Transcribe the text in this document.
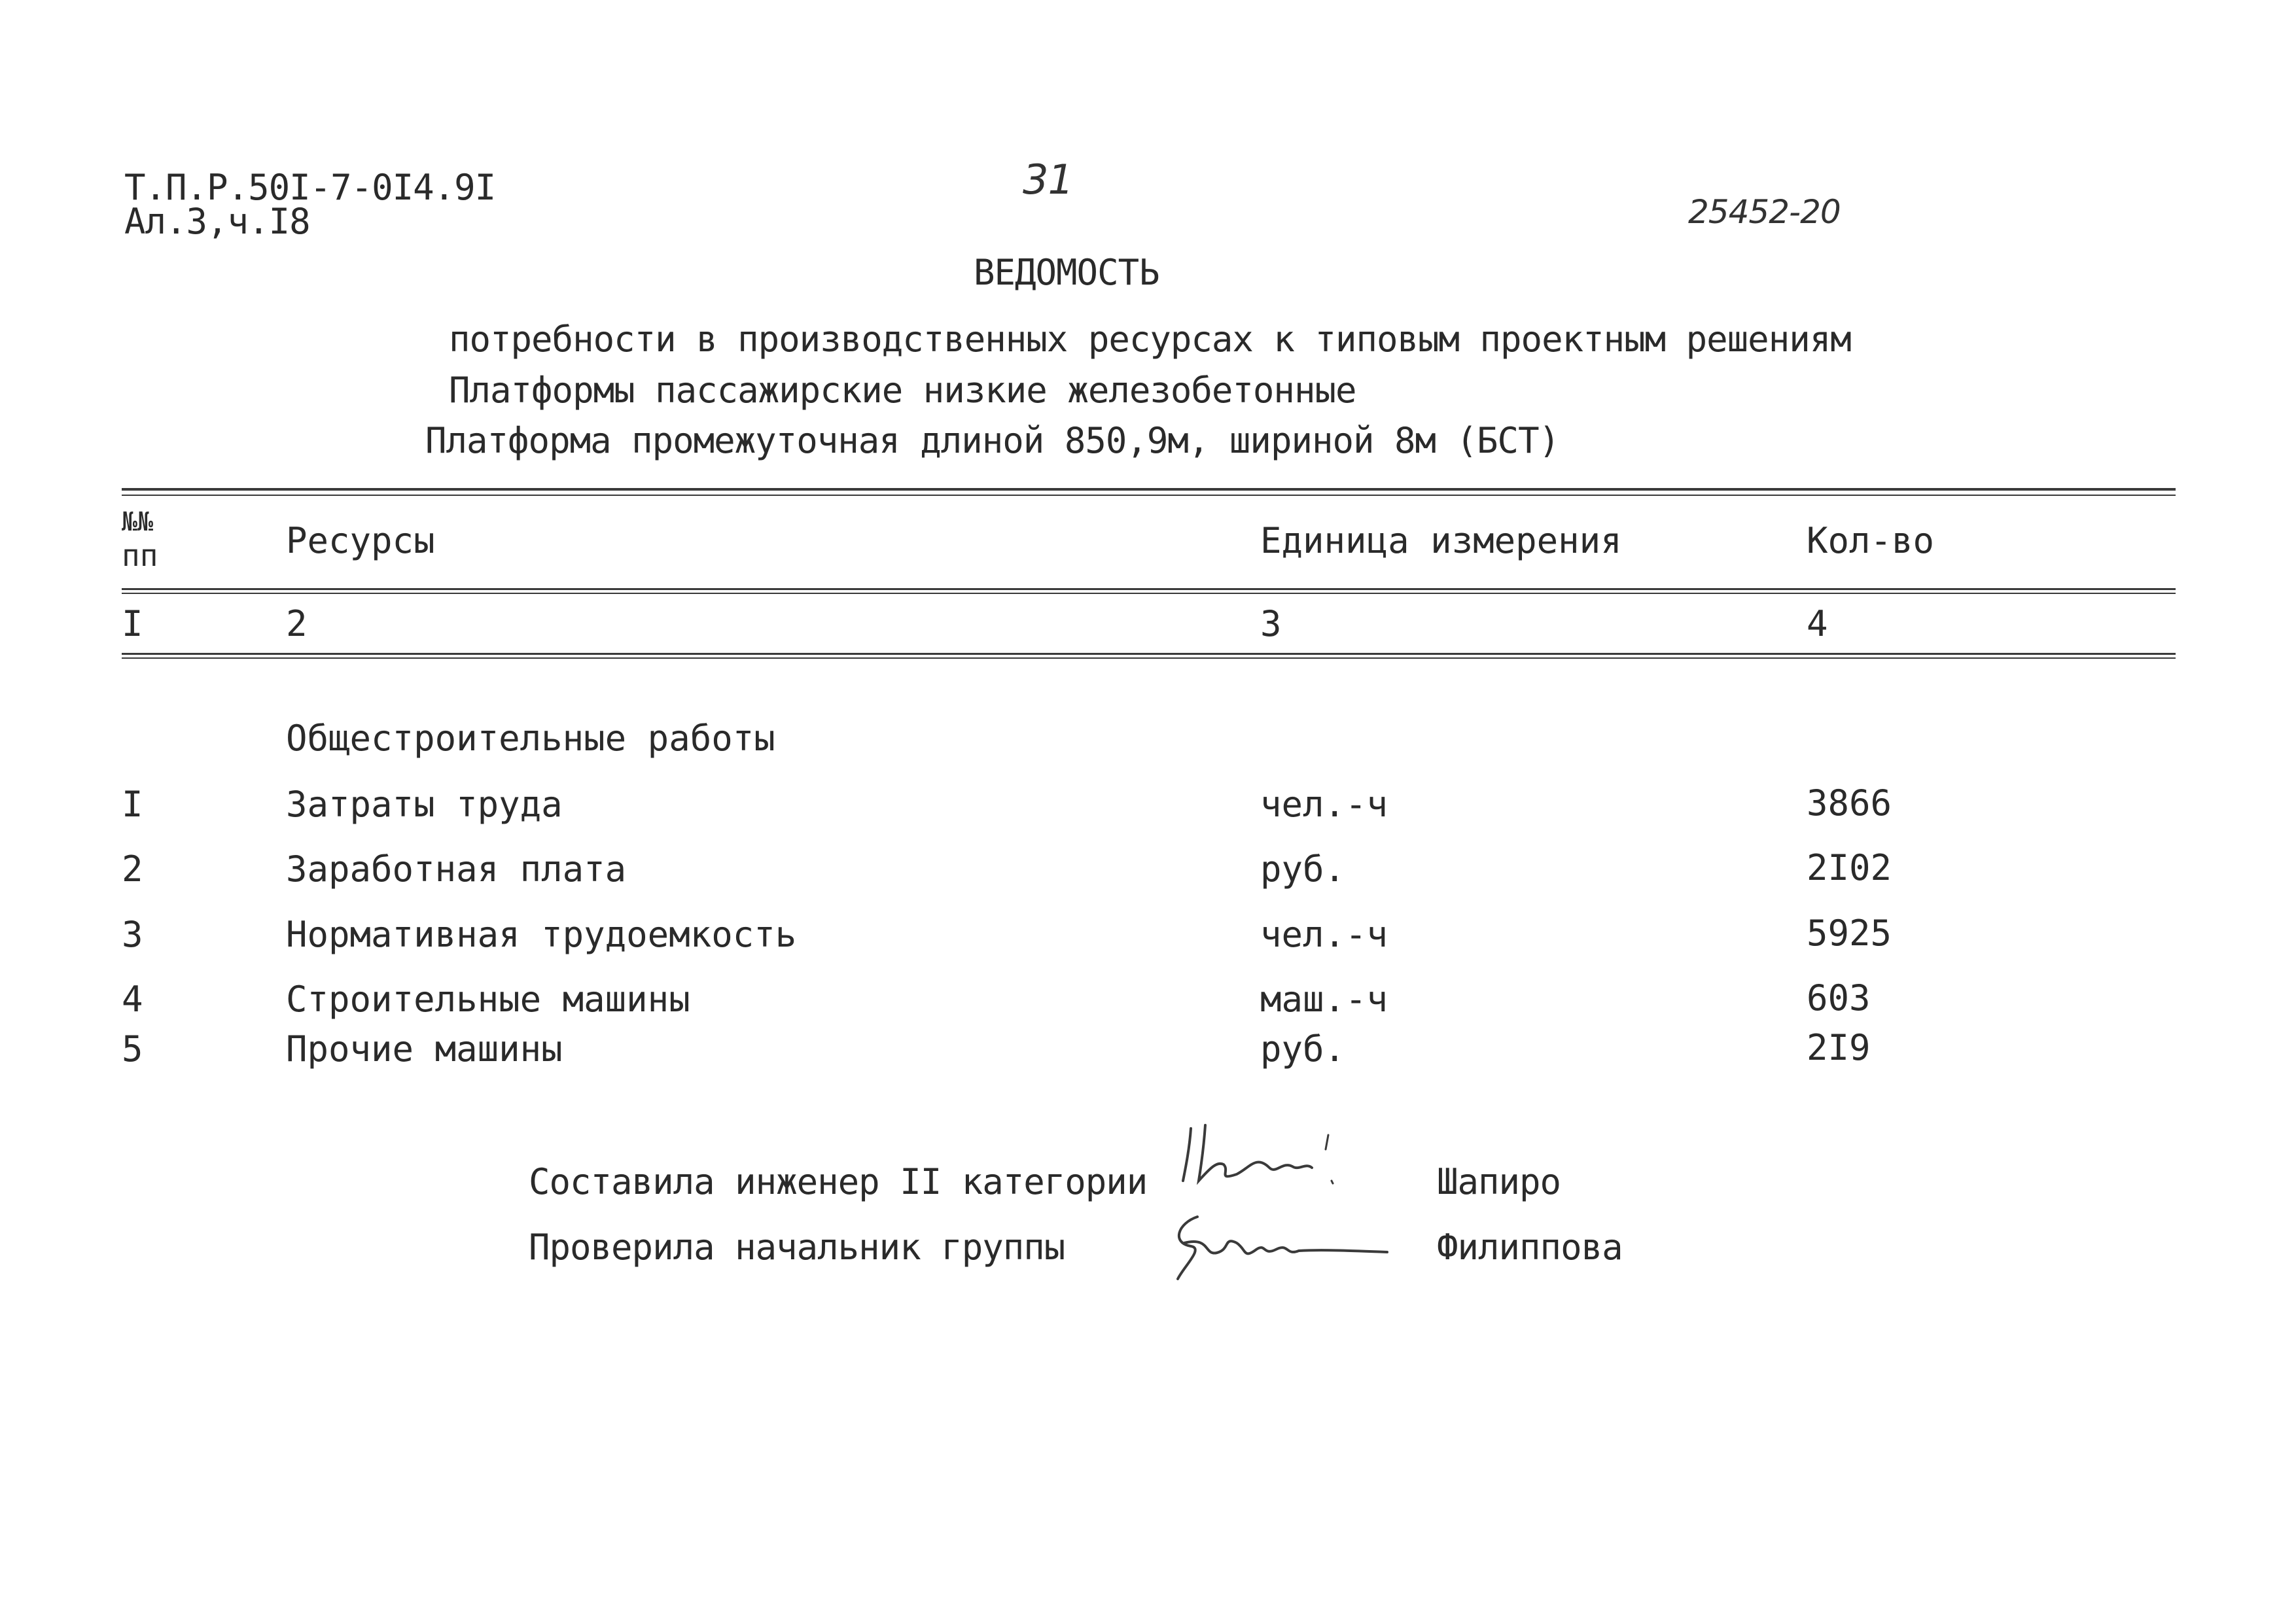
Т.П.Р.50I-7-0I4.9I
Ал.3,ч.I8
31
25452-20
ВЕДОМОСТЬ
потребности в производственных ресурсах к типовым проектным решениям
Платформы пассажирские низкие железобетонные
Платформа промежуточная длиной 850,9м, шириной 8м (БСТ)
№№
пп	Ресурсы	Единица измерения	Кол-во
I	2	3	4
Общестроительные работы
I	Затраты труда	чел.-ч	3866
2	Заработная плата	руб.	2I02
3	Нормативная трудоемкость	чел.-ч	5925
4	Строительные машины	маш.-ч	603
5	Прочие машины	руб.	2I9
Составила инженер II категории	Шапиро
Проверила начальник группы	Филиппова
